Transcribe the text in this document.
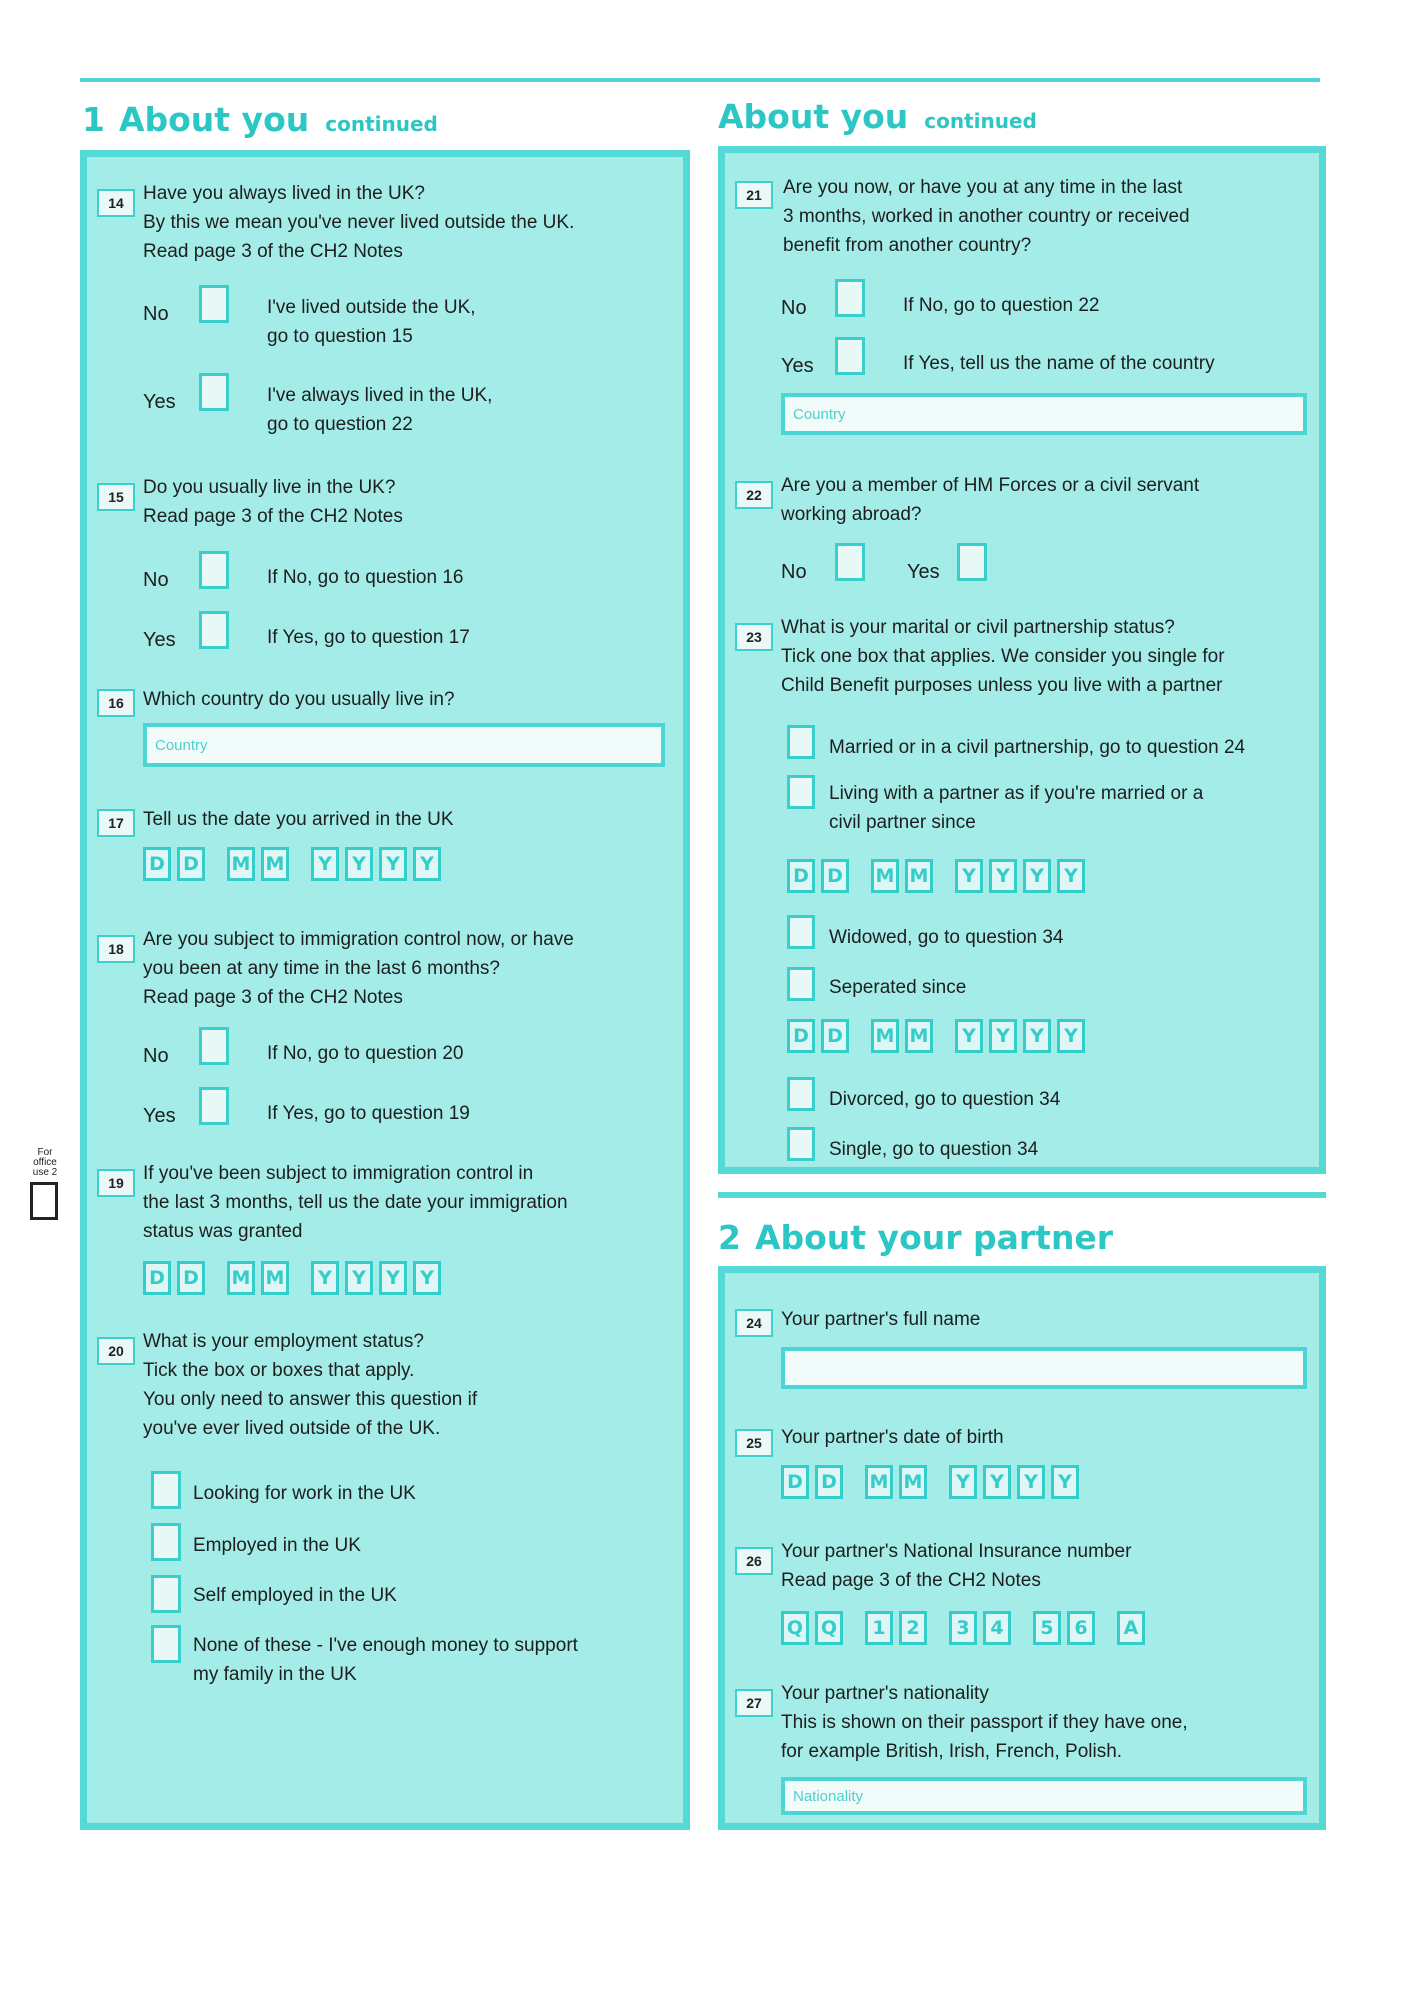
1 About you continued	About you continued
2 About your partner
For office use 2
14	Have you always lived in the UK?
By this we mean you've never lived outside the UK.
Read page 3 of the CH2 Notes
No	I've lived outside the UK,
go to question 15
Yes	I've always lived in the UK,
go to question 22
15	Do you usually live in the UK?
Read page 3 of the CH2 Notes
No	If No, go to question 16
Yes	If Yes, go to question 17
16	Which country do you usually live in?
Country
17	Tell us the date you arrived in the UK
D D	M M	Y	Y	Y	Y
18	Are you subject to immigration control now, or have
you been at any time in the last 6 months?
Read page 3 of the CH2 Notes
No	If No, go to question 20
Yes	If Yes, go to question 19
19	If you've been subject to immigration control in
the last 3 months, tell us the date your immigration
status was granted
D D	M M	Y	Y	Y	Y
20	What is your employment status?
Tick the box or boxes that apply.
You only need to answer this question if
you've ever lived outside of the UK.
Looking for work in the UK
Employed in the UK
Self employed in the UK
None of these - I've enough money to support
my family in the UK
21	Are you now, or have you at any time in the last
3 months, worked in another country or received
benefit from another country?
No	If No, go to question 22
Yes	If Yes, tell us the name of the country
Country
22	Are you a member of HM Forces or a civil servant
working abroad?
No	Yes
23	What is your marital or civil partnership status?
Tick one box that applies. We consider you single for
Child Benefit purposes unless you live with a partner
Married or in a civil partnership, go to question 24
Living with a partner as if you're married or a
civil partner since
D D	M M	Y	Y	Y	Y
Widowed, go to question 34
Seperated since
D D	M M	Y	Y	Y	Y
Divorced, go to question 34
Single, go to question 34
24	Your partner's full name
25	Your partner's date of birth
D D	M M	Y	Y	Y	Y
26	Your partner's National Insurance number
Read page 3 of the CH2 Notes
Q Q	1	2	3	4	5	6	A
27	Your partner's nationality
This is shown on their passport if they have one,
for example British, Irish, French, Polish.
Nationality
